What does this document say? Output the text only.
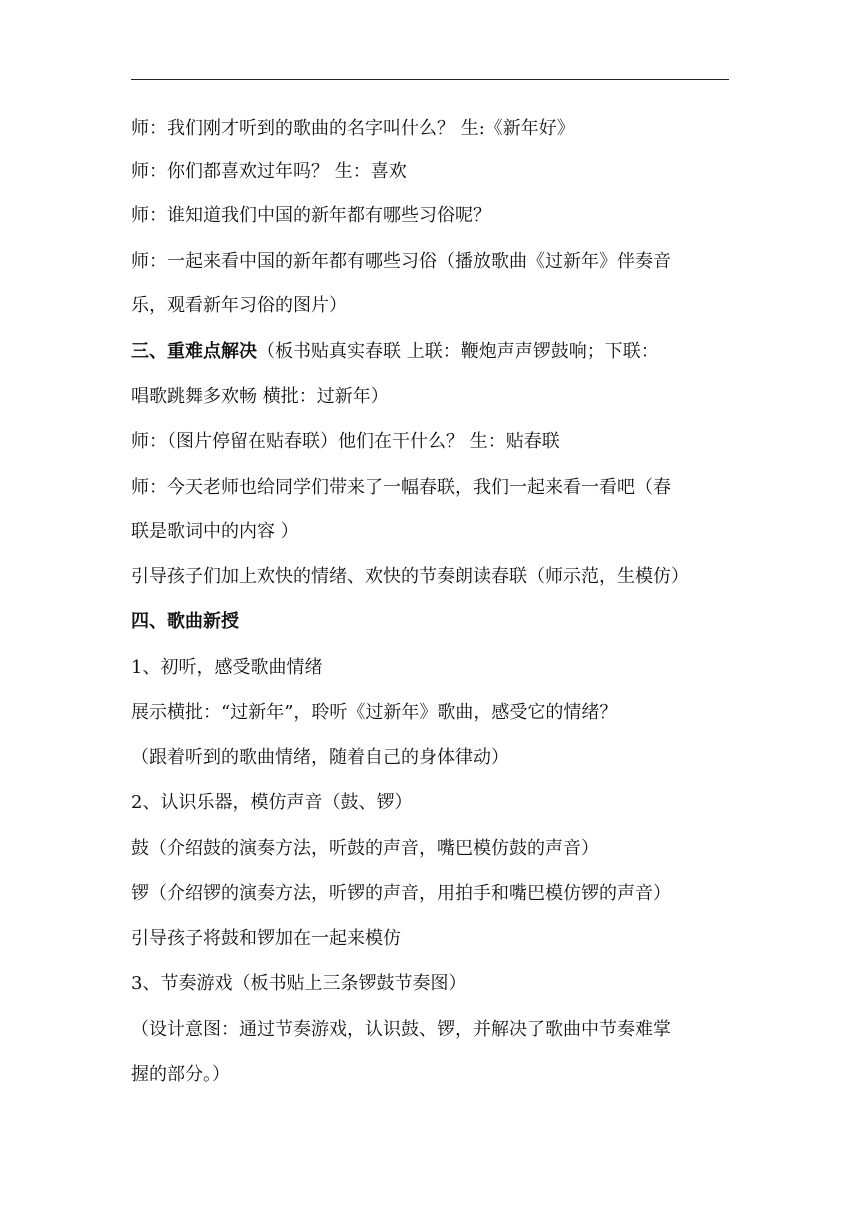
师：我们刚才听到的歌曲的名字叫什么？ 生:《新年好》
师：你们都喜欢过年吗？ 生：喜欢
师：谁知道我们中国的新年都有哪些习俗呢？
师：一起来看中国的新年都有哪些习俗（播放歌曲《过新年》伴奏音
乐，观看新年习俗的图片）
三、重难点解决（板书贴真实春联 上联：鞭炮声声锣鼓响；下联：
唱歌跳舞多欢畅 横批：过新年）
师：（图片停留在贴春联）他们在干什么？ 生：贴春联
师：今天老师也给同学们带来了一幅春联，我们一起来看一看吧（春
联是歌词中的内容 ）
引导孩子们加上欢快的情绪、欢快的节奏朗读春联（师示范，生模仿）
四、歌曲新授
1、初听，感受歌曲情绪
展示横批：“过新年”，聆听《过新年》歌曲，感受它的情绪？
（跟着听到的歌曲情绪，随着自己的身体律动）
2、认识乐器，模仿声音（鼓、锣）
鼓（介绍鼓的演奏方法，听鼓的声音，嘴巴模仿鼓的声音）
锣（介绍锣的演奏方法，听锣的声音，用拍手和嘴巴模仿锣的声音）
引导孩子将鼓和锣加在一起来模仿
3、节奏游戏（板书贴上三条锣鼓节奏图）
（设计意图：通过节奏游戏，认识鼓、锣，并解决了歌曲中节奏难掌
握的部分。）
